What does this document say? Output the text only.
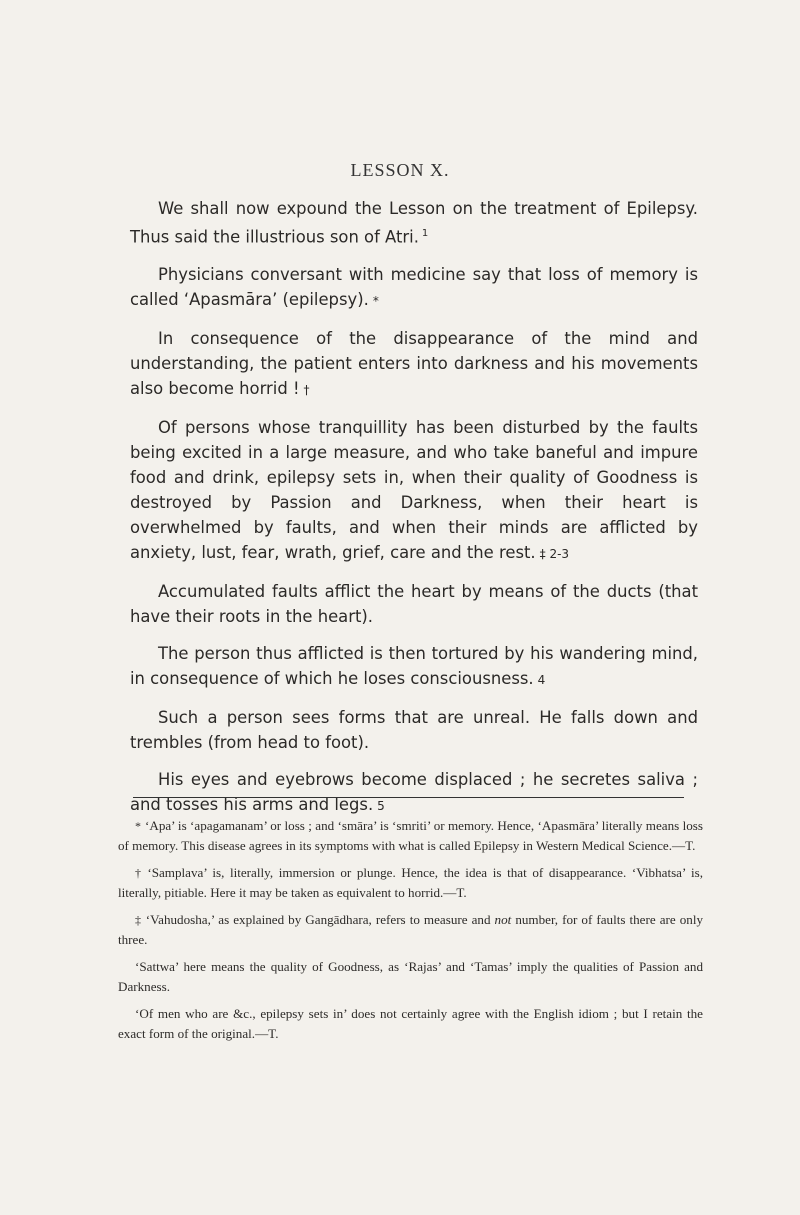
LESSON X.

We shall now expound the Lesson on the treatment of Epilepsy. Thus said the illustrious son of Atri. $^1$

Physicians conversant with medicine say that loss of memory is called ‘Apasmāra’ (epilepsy). *

In consequence of the disappearance of the mind and understanding, the patient enters into darkness and his movements also become horrid ! †

Of persons whose tranquillity has been disturbed by the faults being excited in a large measure, and who take baneful and impure food and drink, epilepsy sets in, when their quality of Goodness is destroyed by Passion and Darkness, when their heart is overwhelmed by faults, and when their minds are afflicted by anxiety, lust, fear, wrath, grief, care and the rest. ‡ 2-3

Accumulated faults afflict the heart by means of the ducts (that have their roots in the heart).

The person thus afflicted is then tortured by his wandering mind, in consequence of which he loses consciousness. 4

Such a person sees forms that are unreal. He falls down and trembles (from head to foot).

His eyes and eyebrows become displaced ; he secretes saliva ; and tosses his arms and legs. 5

* ‘Apa’ is ‘apagamanam’ or loss ; and ‘smāra’ is ‘smriti’ or memory. Hence, ‘Apasmāra’ literally means loss of memory. This disease agrees in its symptoms with what is called Epilepsy in Western Medical Science.—T.

† ‘Samplava’ is, literally, immersion or plunge. Hence, the idea is that of disappearance. ‘Vibhatsa’ is, literally, pitiable. Here it may be taken as equivalent to horrid.—T.

‡ ‘Vahudosha,’ as explained by Gangādhara, refers to measure and not number, for of faults there are only three.

‘Sattwa’ here means the quality of Goodness, as ‘Rajas’ and ‘Tamas’ imply the qualities of Passion and Darkness.

‘Of men who are &c., epilepsy sets in’ does not certainly agree with the English idiom ; but I retain the exact form of the original.—T.
